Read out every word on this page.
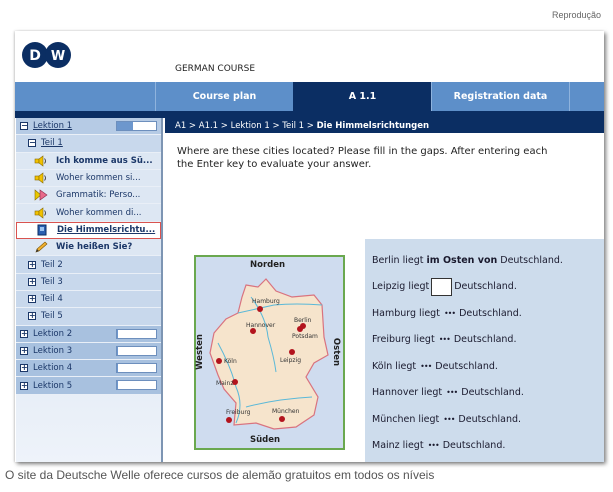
Reprodução
D W
GERMAN COURSE
Course plan	A 1.1	Registration data
− Lektion 1
− Teil 1
Ich komme aus Sü...
Woher kommen si...
Grammatik: Perso...
Woher kommen di...
Die Himmelsrichtu...
Wie heißen Sie?
+ Teil 2
+ Teil 3
+ Teil 4
+ Teil 5
+ Lektion 2
+ Lektion 3
+ Lektion 4
+ Lektion 5
A1 > A1.1 > Lektion 1 > Teil 1 > Die Himmelsrichtungen
Where are these cities located? Please fill in the gaps. After entering each
the Enter key to evaluate your answer.
Hamburg
Hannover
Berlin
Potsdam
Leipzig
Köln
Mainz
Freiburg	München
Norden
Süden
Westen	Osten
Berlin liegt im Osten von Deutschland.
Leipzig liegt	Deutschland.
Hamburg liegt ••• Deutschland.
Freiburg liegt ••• Deutschland.
Köln liegt ••• Deutschland.
Hannover liegt ••• Deutschland.
München liegt ••• Deutschland.
Mainz liegt ••• Deutschland.
O site da Deutsche Welle oferece cursos de alemão gratuitos em todos os níveis
